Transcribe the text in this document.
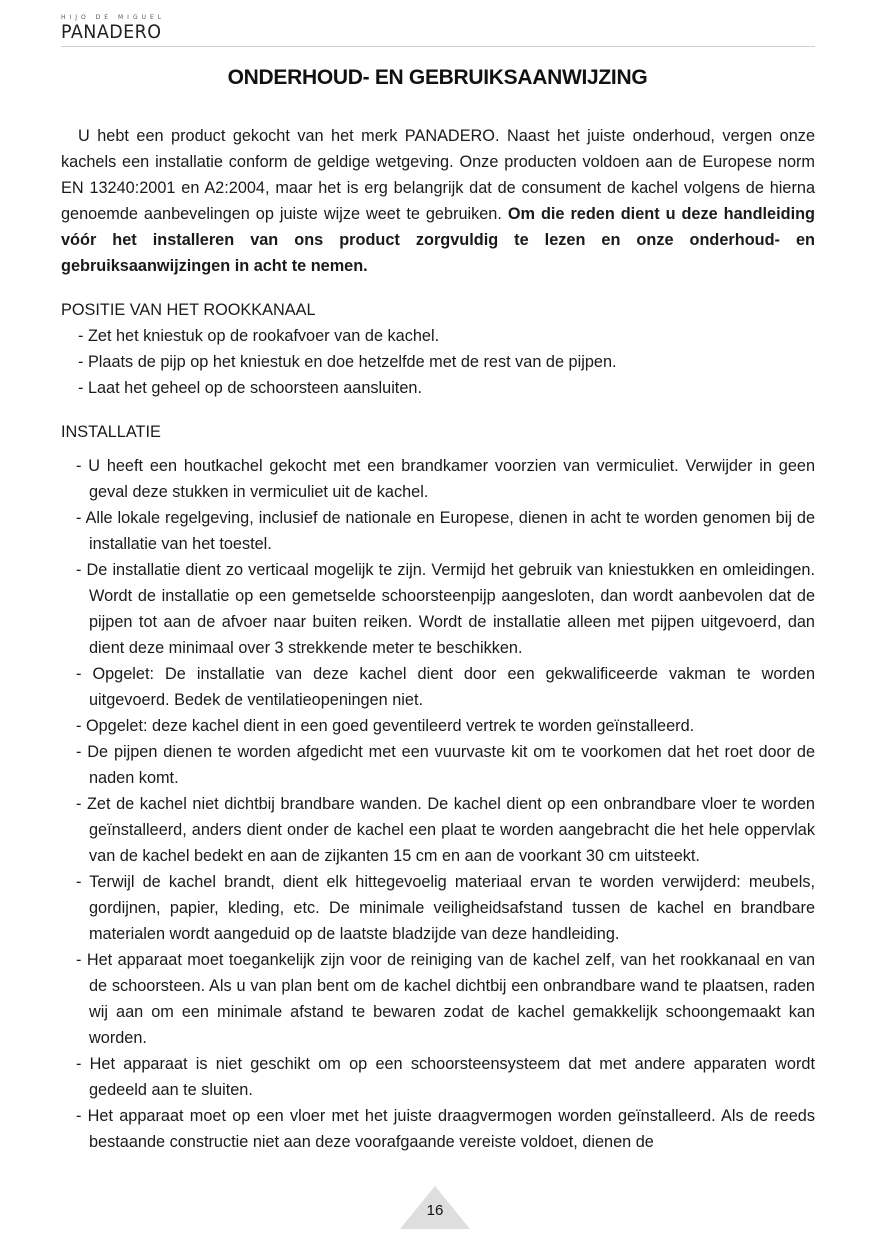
HIJO DE MIGUEL
PANADERO
ONDERHOUD- EN GEBRUIKSAANWIJZING

U hebt een product gekocht van het merk PANADERO. Naast het juiste onderhoud, vergen onze kachels een installatie conform de geldige wetgeving. Onze producten voldoen aan de Europese norm EN 13240:2001 en A2:2004, maar het is erg belangrijk dat de consument de kachel volgens de hierna genoemde aanbevelingen op juiste wijze weet te gebruiken. Om die reden dient u deze handleiding vóór het installeren van ons product zorgvuldig te lezen en onze onderhoud- en gebruiksaanwijzingen in acht te nemen.

POSITIE VAN HET ROOKKANAAL
- Zet het kniestuk op de rookafvoer van de kachel.
- Plaats de pijp op het kniestuk en doe hetzelfde met de rest van de pijpen.
- Laat het geheel op de schoorsteen aansluiten.
INSTALLATIE
- U heeft een houtkachel gekocht met een brandkamer voorzien van vermiculiet. Verwijder in geen geval deze stukken in vermiculiet uit de kachel.
- Alle lokale regelgeving, inclusief de nationale en Europese, dienen in acht te worden genomen bij de installatie van het toestel.
- De installatie dient zo verticaal mogelijk te zijn. Vermijd het gebruik van kniestukken en omleidingen. Wordt de installatie op een gemetselde schoorsteenpijp aangesloten, dan wordt aanbevolen dat de pijpen tot aan de afvoer naar buiten reiken. Wordt de installatie alleen met pijpen uitgevoerd, dan dient deze minimaal over 3 strekkende meter te beschikken.
- Opgelet: De installatie van deze kachel dient door een gekwalificeerde vakman te worden uitgevoerd. Bedek de ventilatieopeningen niet.
- Opgelet: deze kachel dient in een goed geventileerd vertrek te worden geïnstalleerd.
- De pijpen dienen te worden afgedicht met een vuurvaste kit om te voorkomen dat het roet door de naden komt.
- Zet de kachel niet dichtbij brandbare wanden. De kachel dient op een onbrandbare vloer te worden geïnstalleerd, anders dient onder de kachel een plaat te worden aangebracht die het hele oppervlak van de kachel bedekt en aan de zijkanten 15 cm en aan de voorkant 30 cm uitsteekt.
- Terwijl de kachel brandt, dient elk hittegevoelig materiaal ervan te worden verwijderd: meubels, gordijnen, papier, kleding, etc. De minimale veiligheidsafstand tussen de kachel en brandbare materialen wordt aangeduid op de laatste bladzijde van deze handleiding.
- Het apparaat moet toegankelijk zijn voor de reiniging van de kachel zelf, van het rookkanaal en van de schoorsteen. Als u van plan bent om de kachel dichtbij een onbrandbare wand te plaatsen, raden wij aan om een minimale afstand te bewaren zodat de kachel gemakkelijk schoongemaakt kan worden.
- Het apparaat is niet geschikt om op een schoorsteensysteem dat met andere apparaten wordt gedeeld aan te sluiten.
- Het apparaat moet op een vloer met het juiste draagvermogen worden geïnstalleerd. Als de reeds bestaande constructie niet aan deze voorafgaande vereiste voldoet, dienen de
16
